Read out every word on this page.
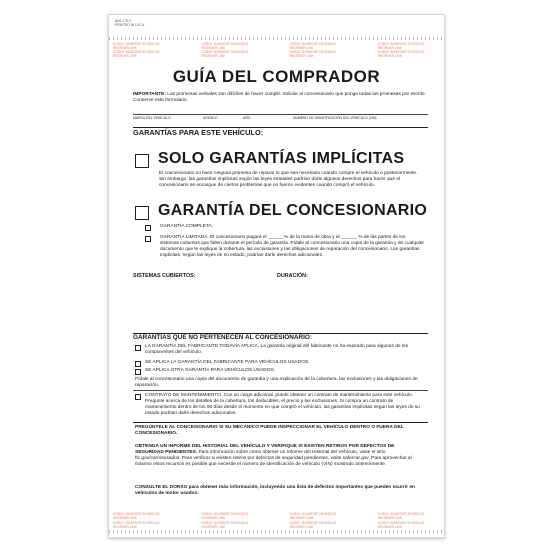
B00-175-2
PRINTED IN U.S.A.
DOBLE: BOARDS® SCHEDULE REORDER LINK
DOBLE: BOARDS® SCHEDULE REORDER LINK
DOBLE: BOARDS® SCHEDULE REORDER LINK
DOBLE: BOARDS® SCHEDULE REORDER LINK
DOBLE: BOARDS® SCHEDULE REORDER LINK
DOBLE: BOARDS® SCHEDULE REORDER LINK
DOBLE: BOARDS® SCHEDULE REORDER LINK
DOBLE: BOARDS® SCHEDULE REORDER LINK
GUÍA DEL COMPRADOR
IMPORTANTE: Las promesas verbales son difíciles de hacer cumplir. Solicite al concesionario que ponga todas las promesas por escrito. Conserve este formulario.
MARCA DEL VEHÍCULO	MODELO	AÑO	NÚMERO DE IDENTIFICACIÓN DEL VEHÍCULO (VIN)
GARANTÍAS PARA ESTE VEHÍCULO:
SOLO GARANTÍAS IMPLÍCITAS
El concesionario no hace ninguna promesa de reparar lo que sea necesario cuando compre el vehículo o posteriormente. Sin embargo, las garantías implícitas según las leyes estatales podrían darle algunos derechos para hacer que el concesionario se encargue de ciertos problemas que no fueron evidentes cuando compró el vehículo.
GARANTÍA DEL CONCESIONARIO
GARANTÍA COMPLETA.
GARANTÍA LIMITADA. El concesionario pagará el ______% de la mano de obra y el ______ % de las partes de los sistemas cubiertos que fallen durante el período de garantía. Pídale al concesionario una copia de la garantía y de cualquier documento que le explique la cobertura, las exclusiones y las obligaciones de reparación del concesionario. Las garantías implícitas, según las leyes de su estado, podrían darle derechos adicionales.
SISTEMAS CUBIERTOS:	DURACIÓN:
GARANTÍAS QUE NO PERTENECEN AL CONCESIONARIO:
LA GARANTÍA DEL FABRICANTE TODAVÍA APLICA. La garantía original del fabricante no ha expirado para algunos de los componentes del vehículo.
SE APLICA LA GARANTÍA DEL FABRICANTE PARA VEHÍCULOS USADOS.
SE APLICA OTRA GARANTÍA PARA VEHÍCULOS USADOS.
Pídale al concesionario una copia del documento de garantía y una explicación de la cobertura, las exclusiones y las obligaciones de reparación.
CONTRATO DE MANTENIMIENTO. Con un cargo adicional, puede obtener un contrato de mantenimiento para este vehículo. Pregunte acerca de los detalles de la cobertura, los deducibles, el precio y las exclusiones. Si compra un contrato de mantenimiento dentro de los 90 días desde el momento en que compró el vehículo, las garantías implícitas según las leyes de su estado podrían darle derechos adicionales.
PREGÚNTELE AL CONCESIONARIO SI SU MECÁNICO PUEDE INSPECCIONAR EL VEHÍCULO DENTRO O FUERA DEL CONCESIONARIO.
OBTENGA UN INFORME DEL HISTORIAL DEL VEHÍCULO Y VERIFIQUE SI EXISTEN RETIROS POR DEFECTOS DE SEGURIDAD PENDIENTES. Para información sobre cómo obtener un Informe del Historial del Vehículo, visite el sitio ftc.gov/carrosusados. Para verificar si existen retiros por defectos de seguridad pendientes, visite safercar.gov. Para aprovechar al máximo estos recursos es posible que necesite el número de identificación de vehículo (VIN) mostrado anteriormente.
CONSULTE EL DORSO para obtener más información, incluyendo una lista de defectos importantes que pueden ocurrir en vehículos de motor usados.
DOBLE: BOARDS® SCHEDULE REORDER LINK
DOBLE: BOARDS® SCHEDULE REORDER LINK
DOBLE: BOARDS® SCHEDULE REORDER LINK
DOBLE: BOARDS® SCHEDULE REORDER LINK
DOBLE: BOARDS® SCHEDULE REORDER LINK
DOBLE: BOARDS® SCHEDULE REORDER LINK
DOBLE: BOARDS® SCHEDULE REORDER LINK
DOBLE: BOARDS® SCHEDULE REORDER LINK
